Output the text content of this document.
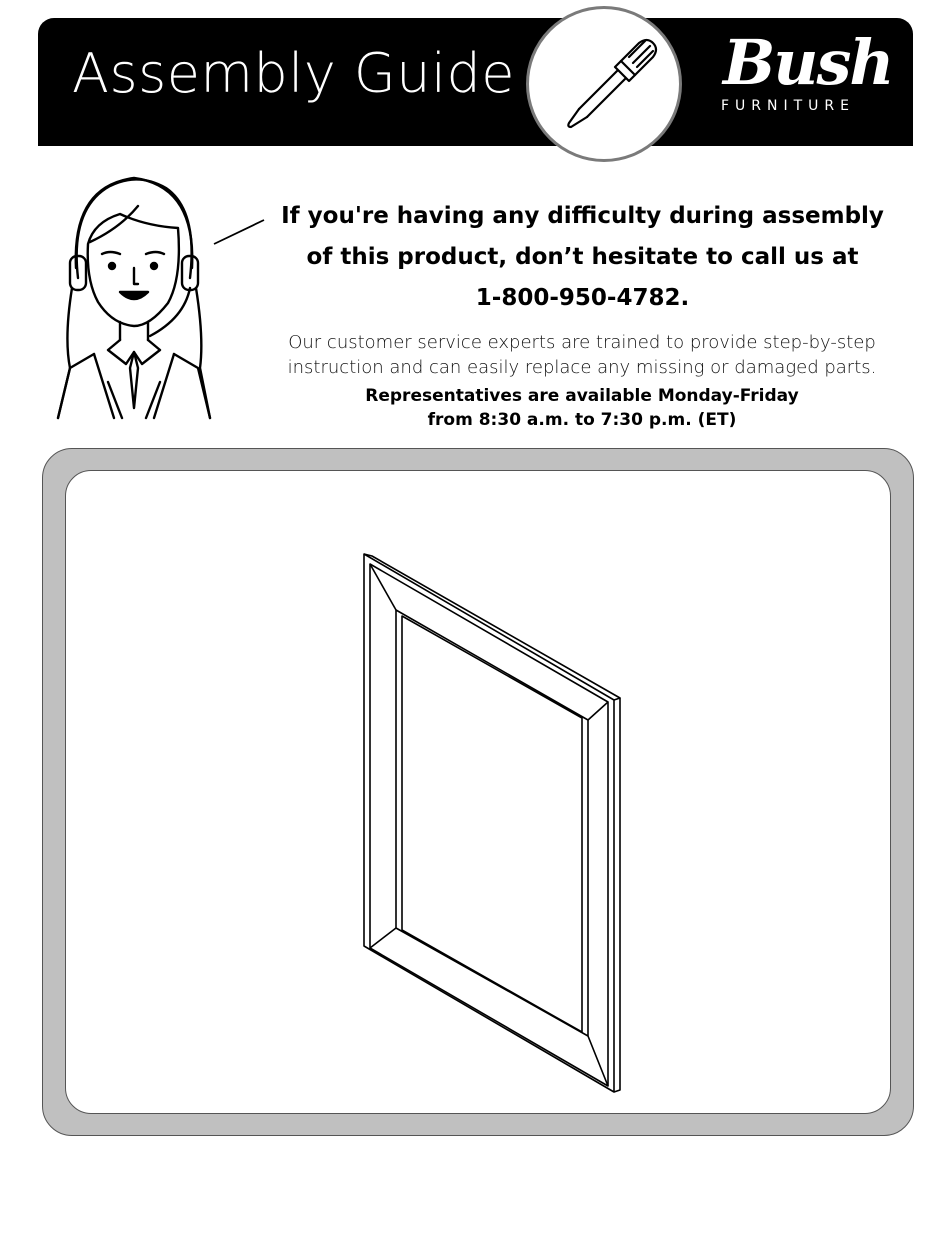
Assembly Guide	Bush
FURNITURE
If you're having any difficulty during assembly
of this product, don’t hesitate to call us at
1-800-950-4782.
Our customer service experts are trained to provide step-by-step
instruction and can easily replace any missing or damaged parts.
Representatives are available Monday-Friday
from 8:30 a.m. to 7:30 p.m. (ET)
